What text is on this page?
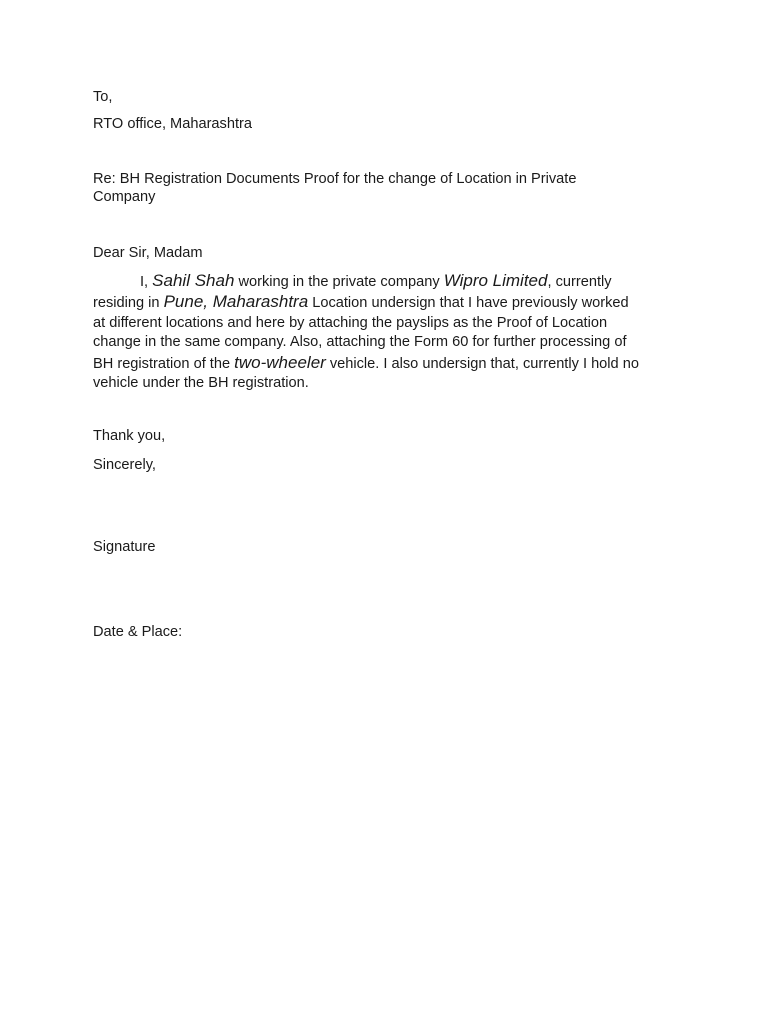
To,
RTO office, Maharashtra
Re: BH Registration Documents Proof for the change of Location in Private
Company
Dear Sir, Madam
I, Sahil Shah working in the private company Wipro Limited, currently
residing in Pune, Maharashtra Location undersign that I have previously worked
at different locations and here by attaching the payslips as the Proof of Location
change in the same company. Also, attaching the Form 60 for further processing of
BH registration of the two-wheeler vehicle. I also undersign that, currently I hold no
vehicle under the BH registration.
Thank you,
Sincerely,
Signature
Date & Place:
